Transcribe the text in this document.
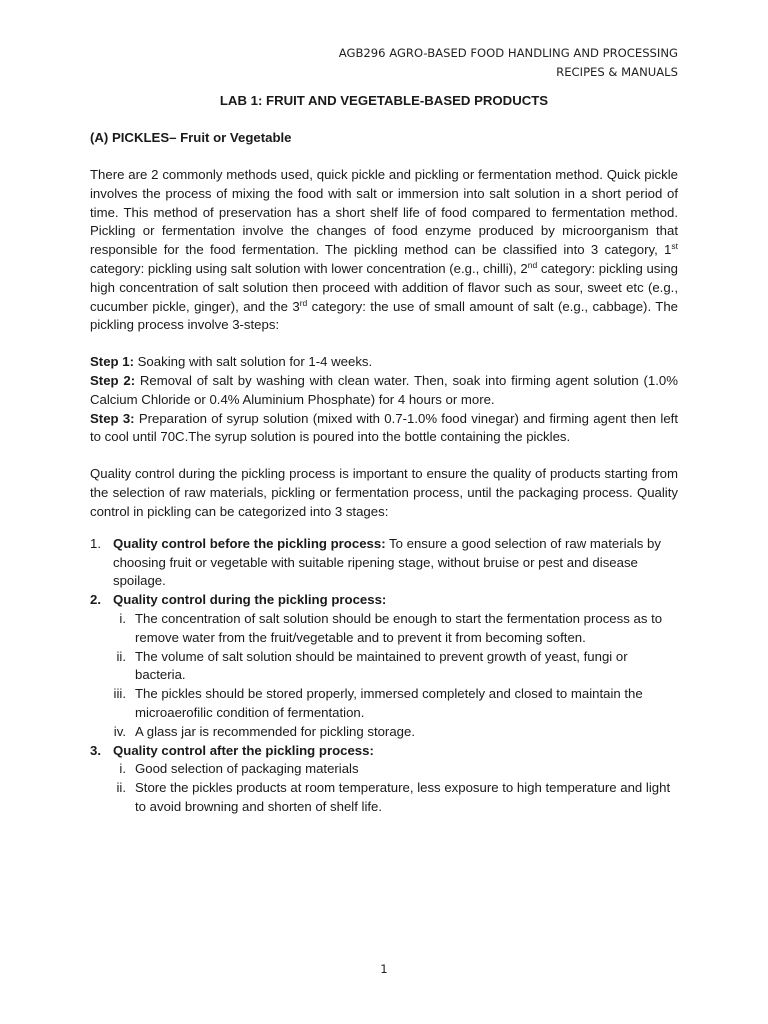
AGB296 AGRO-BASED FOOD HANDLING AND PROCESSING
RECIPES & MANUALS

LAB 1: FRUIT AND VEGETABLE-BASED PRODUCTS

(A) PICKLES– Fruit or Vegetable

There are 2 commonly methods used, quick pickle and pickling or fermentation method. Quick pickle involves the process of mixing the food with salt or immersion into salt solution in a short period of time. This method of preservation has a short shelf life of food compared to fermentation method. Pickling or fermentation involve the changes of food enzyme produced by microorganism that responsible for the food fermentation. The pickling method can be classified into 3 category, 1st category: pickling using salt solution with lower concentration (e.g., chilli), 2nd category: pickling using high concentration of salt solution then proceed with addition of flavor such as sour, sweet etc (e.g., cucumber pickle, ginger), and the 3rd category: the use of small amount of salt (e.g., cabbage). The pickling process involve 3-steps:

Step 1: Soaking with salt solution for 1-4 weeks.

Step 2: Removal of salt by washing with clean water. Then, soak into firming agent solution (1.0% Calcium Chloride or 0.4% Aluminium Phosphate) for 4 hours or more.

Step 3: Preparation of syrup solution (mixed with 0.7-1.0% food vinegar) and firming agent then left to cool until 70C.The syrup solution is poured into the bottle containing the pickles.

Quality control during the pickling process is important to ensure the quality of products starting from the selection of raw materials, pickling or fermentation process, until the packaging process. Quality control in pickling can be categorized into 3 stages:

1. Quality control before the pickling process: To ensure a good selection of raw materials by choosing fruit or vegetable with suitable ripening stage, without bruise or pest and disease spoilage.
2. Quality control during the pickling process:
i. The concentration of salt solution should be enough to start the fermentation process as to remove water from the fruit/vegetable and to prevent it from becoming soften.
ii. The volume of salt solution should be maintained to prevent growth of yeast, fungi or bacteria.
iii. The pickles should be stored properly, immersed completely and closed to maintain the microaerofilic condition of fermentation.
iv. A glass jar is recommended for pickling storage.
3. Quality control after the pickling process:
i. Good selection of packaging materials
ii. Store the pickles products at room temperature, less exposure to high temperature and light to avoid browning and shorten of shelf life.
1
